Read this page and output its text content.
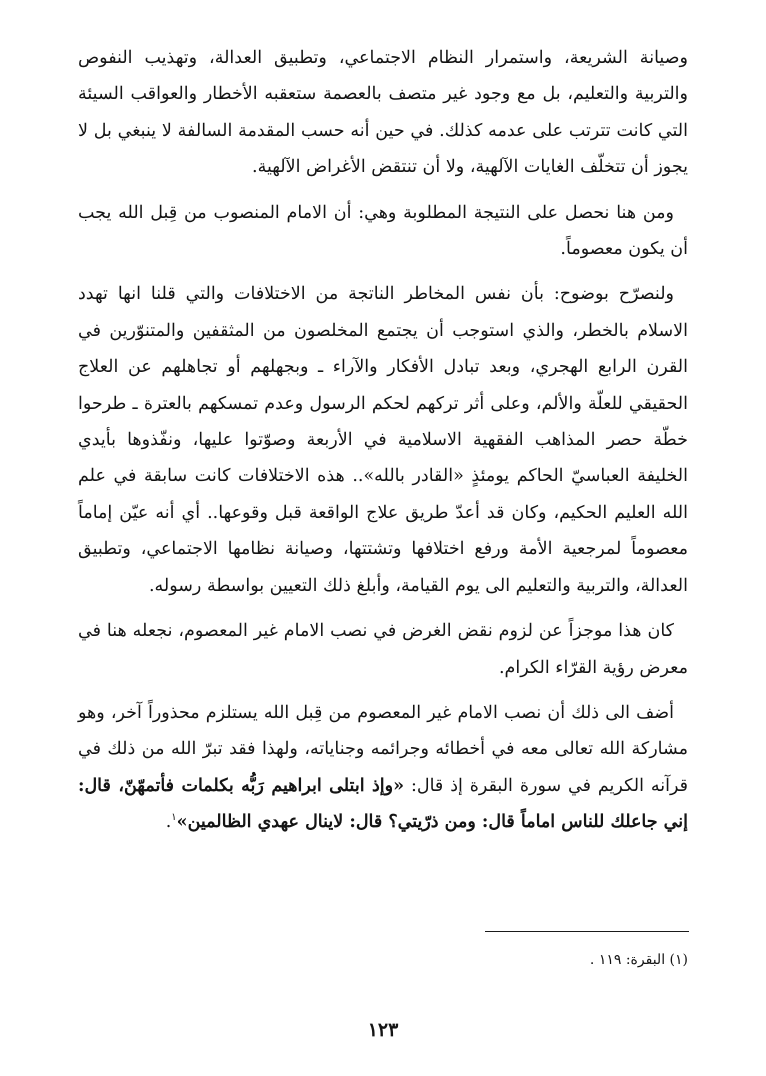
وصيانة الشريعة، واستمرار النظام الاجتماعي، وتطبيق العدالة، وتهذيب النفوص والتربية والتعليم، بل مع وجود غير متصف بالعصمة ستعقبه الأخطار والعواقب السيئة التي كانت تترتب على عدمه كذلك. في حين أنه حسب المقدمة السالفة لا ينبغي بل لا يجوز أن تتخلّف الغايات الآلهية، ولا أن تنتقض الأغراض الآلهية.

ومن هنا نحصل على النتيجة المطلوبة وهي: أن الامام المنصوب من قِبل الله يجب أن يكون معصوماً.

ولنصرّح بوضوح: بأن نفس المخاطر الناتجة من الاختلافات والتي قلنا انها تهدد الاسلام بالخطر، والذي استوجب أن يجتمع المخلصون من المثقفين والمتنوّرين في القرن الرابع الهجري، وبعد تبادل الأفكار والآراء ـ وبجهلهم أو تجاهلهم عن العلاج الحقيقي للعلّة والألم، وعلى أثر تركهم لحكم الرسول وعدم تمسكهم بالعترة ـ طرحوا خطّة حصر المذاهب الفقهية الاسلامية في الأربعة وصوّتوا عليها، ونفّذوها بأيدي الخليفة العباسيّ الحاكم يومئذٍ «القادر بالله».. هذه الاختلافات كانت سابقة في علم الله العليم الحكيم، وكان قد أعدّ طريق علاج الواقعة قبل وقوعها.. أي أنه عيّن إماماً معصوماً لمرجعية الأمة ورفع اختلافها وتشتتها، وصيانة نظامها الاجتماعي، وتطبيق العدالة، والتربية والتعليم الى يوم القيامة، وأبلغ ذلك التعيين بواسطة رسوله.

كان هذا موجزاً عن لزوم نقض الغرض في نصب الامام غير المعصوم، نجعله هنا في معرض رؤية القرّاء الكرام.

أضف الى ذلك أن نصب الامام غير المعصوم من قِبل الله يستلزم محذوراً آخر، وهو مشاركة الله تعالى معه في أخطائه وجرائمه وجناياته، ولهذا فقد تبرّ الله من ذلك في قرآنه الكريم في سورة البقرة إذ قال: «وإذ ابتلى ابراهيم رَبُّه بكلمات فأتمهّنّ، قال: إني جاعلك للناس اماماً قال: ومن ذرّيتي؟ قال: لاينال عهدي الظالمين»$^١$.

(١) البقرة: ١١٩ .
١٢٣
